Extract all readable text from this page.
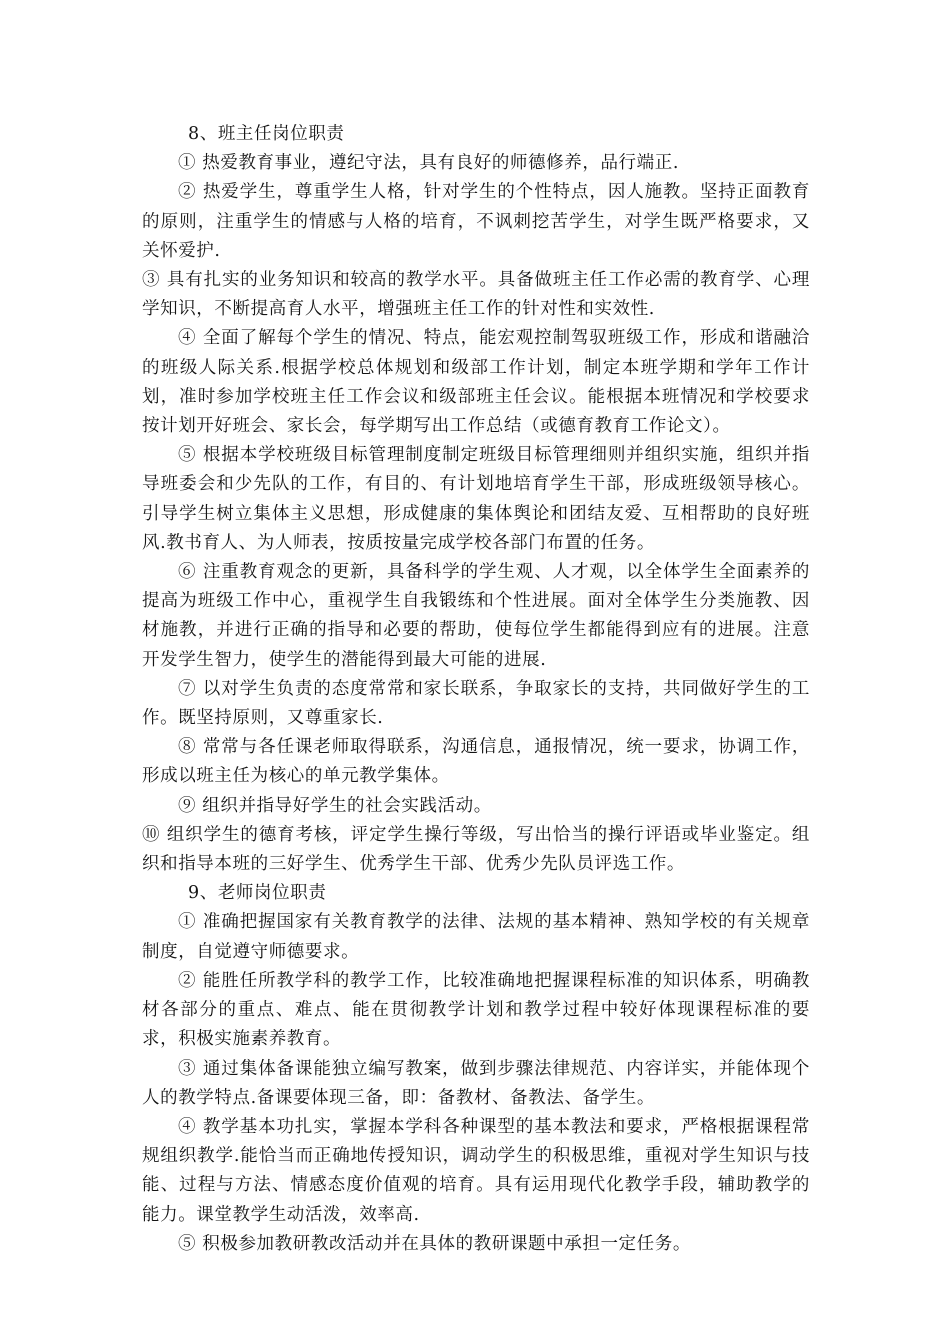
8、班主任岗位职责

① 热爱教育事业，遵纪守法，具有良好的师德修养，品行端正.

② 热爱学生，尊重学生人格，针对学生的个性特点，因人施教。坚持正面教育的原则，注重学生的情感与人格的培育，不讽刺挖苦学生，对学生既严格要求，又关怀爱护.

③ 具有扎实的业务知识和较高的教学水平。具备做班主任工作必需的教育学、心理学知识，不断提高育人水平，增强班主任工作的针对性和实效性.

④ 全面了解每个学生的情况、特点，能宏观控制驾驭班级工作，形成和谐融洽的班级人际关系.根据学校总体规划和级部工作计划，制定本班学期和学年工作计划，准时参加学校班主任工作会议和级部班主任会议。能根据本班情况和学校要求按计划开好班会、家长会，每学期写出工作总结（或德育教育工作论文）。

⑤ 根据本学校班级目标管理制度制定班级目标管理细则并组织实施，组织并指导班委会和少先队的工作，有目的、有计划地培育学生干部，形成班级领导核心。引导学生树立集体主义思想，形成健康的集体舆论和团结友爱、互相帮助的良好班风.教书育人、为人师表，按质按量完成学校各部门布置的任务。

⑥ 注重教育观念的更新，具备科学的学生观、人才观，以全体学生全面素养的提高为班级工作中心，重视学生自我锻练和个性进展。面对全体学生分类施教、因材施教，并进行正确的指导和必要的帮助，使每位学生都能得到应有的进展。注意开发学生智力，使学生的潜能得到最大可能的进展.

⑦ 以对学生负责的态度常常和家长联系，争取家长的支持，共同做好学生的工作。既坚持原则，又尊重家长.

⑧ 常常与各任课老师取得联系，沟通信息，通报情况，统一要求，协调工作，形成以班主任为核心的单元教学集体。

⑨ 组织并指导好学生的社会实践活动。

⑩ 组织学生的德育考核，评定学生操行等级，写出恰当的操行评语或毕业鉴定。组织和指导本班的三好学生、优秀学生干部、优秀少先队员评选工作。

9、老师岗位职责

① 准确把握国家有关教育教学的法律、法规的基本精神、熟知学校的有关规章制度，自觉遵守师德要求。

② 能胜任所教学科的教学工作，比较准确地把握课程标准的知识体系，明确教材各部分的重点、难点、能在贯彻教学计划和教学过程中较好体现课程标准的要求，积极实施素养教育。

③ 通过集体备课能独立编写教案，做到步骤法律规范、内容详实，并能体现个人的教学特点.备课要体现三备，即：备教材、备教法、备学生。

④ 教学基本功扎实，掌握本学科各种课型的基本教法和要求，严格根据课程常规组织教学.能恰当而正确地传授知识，调动学生的积极思维，重视对学生知识与技能、过程与方法、情感态度价值观的培育。具有运用现代化教学手段，辅助教学的能力。课堂教学生动活泼，效率高.

⑤ 积极参加教研教改活动并在具体的教研课题中承担一定任务。
